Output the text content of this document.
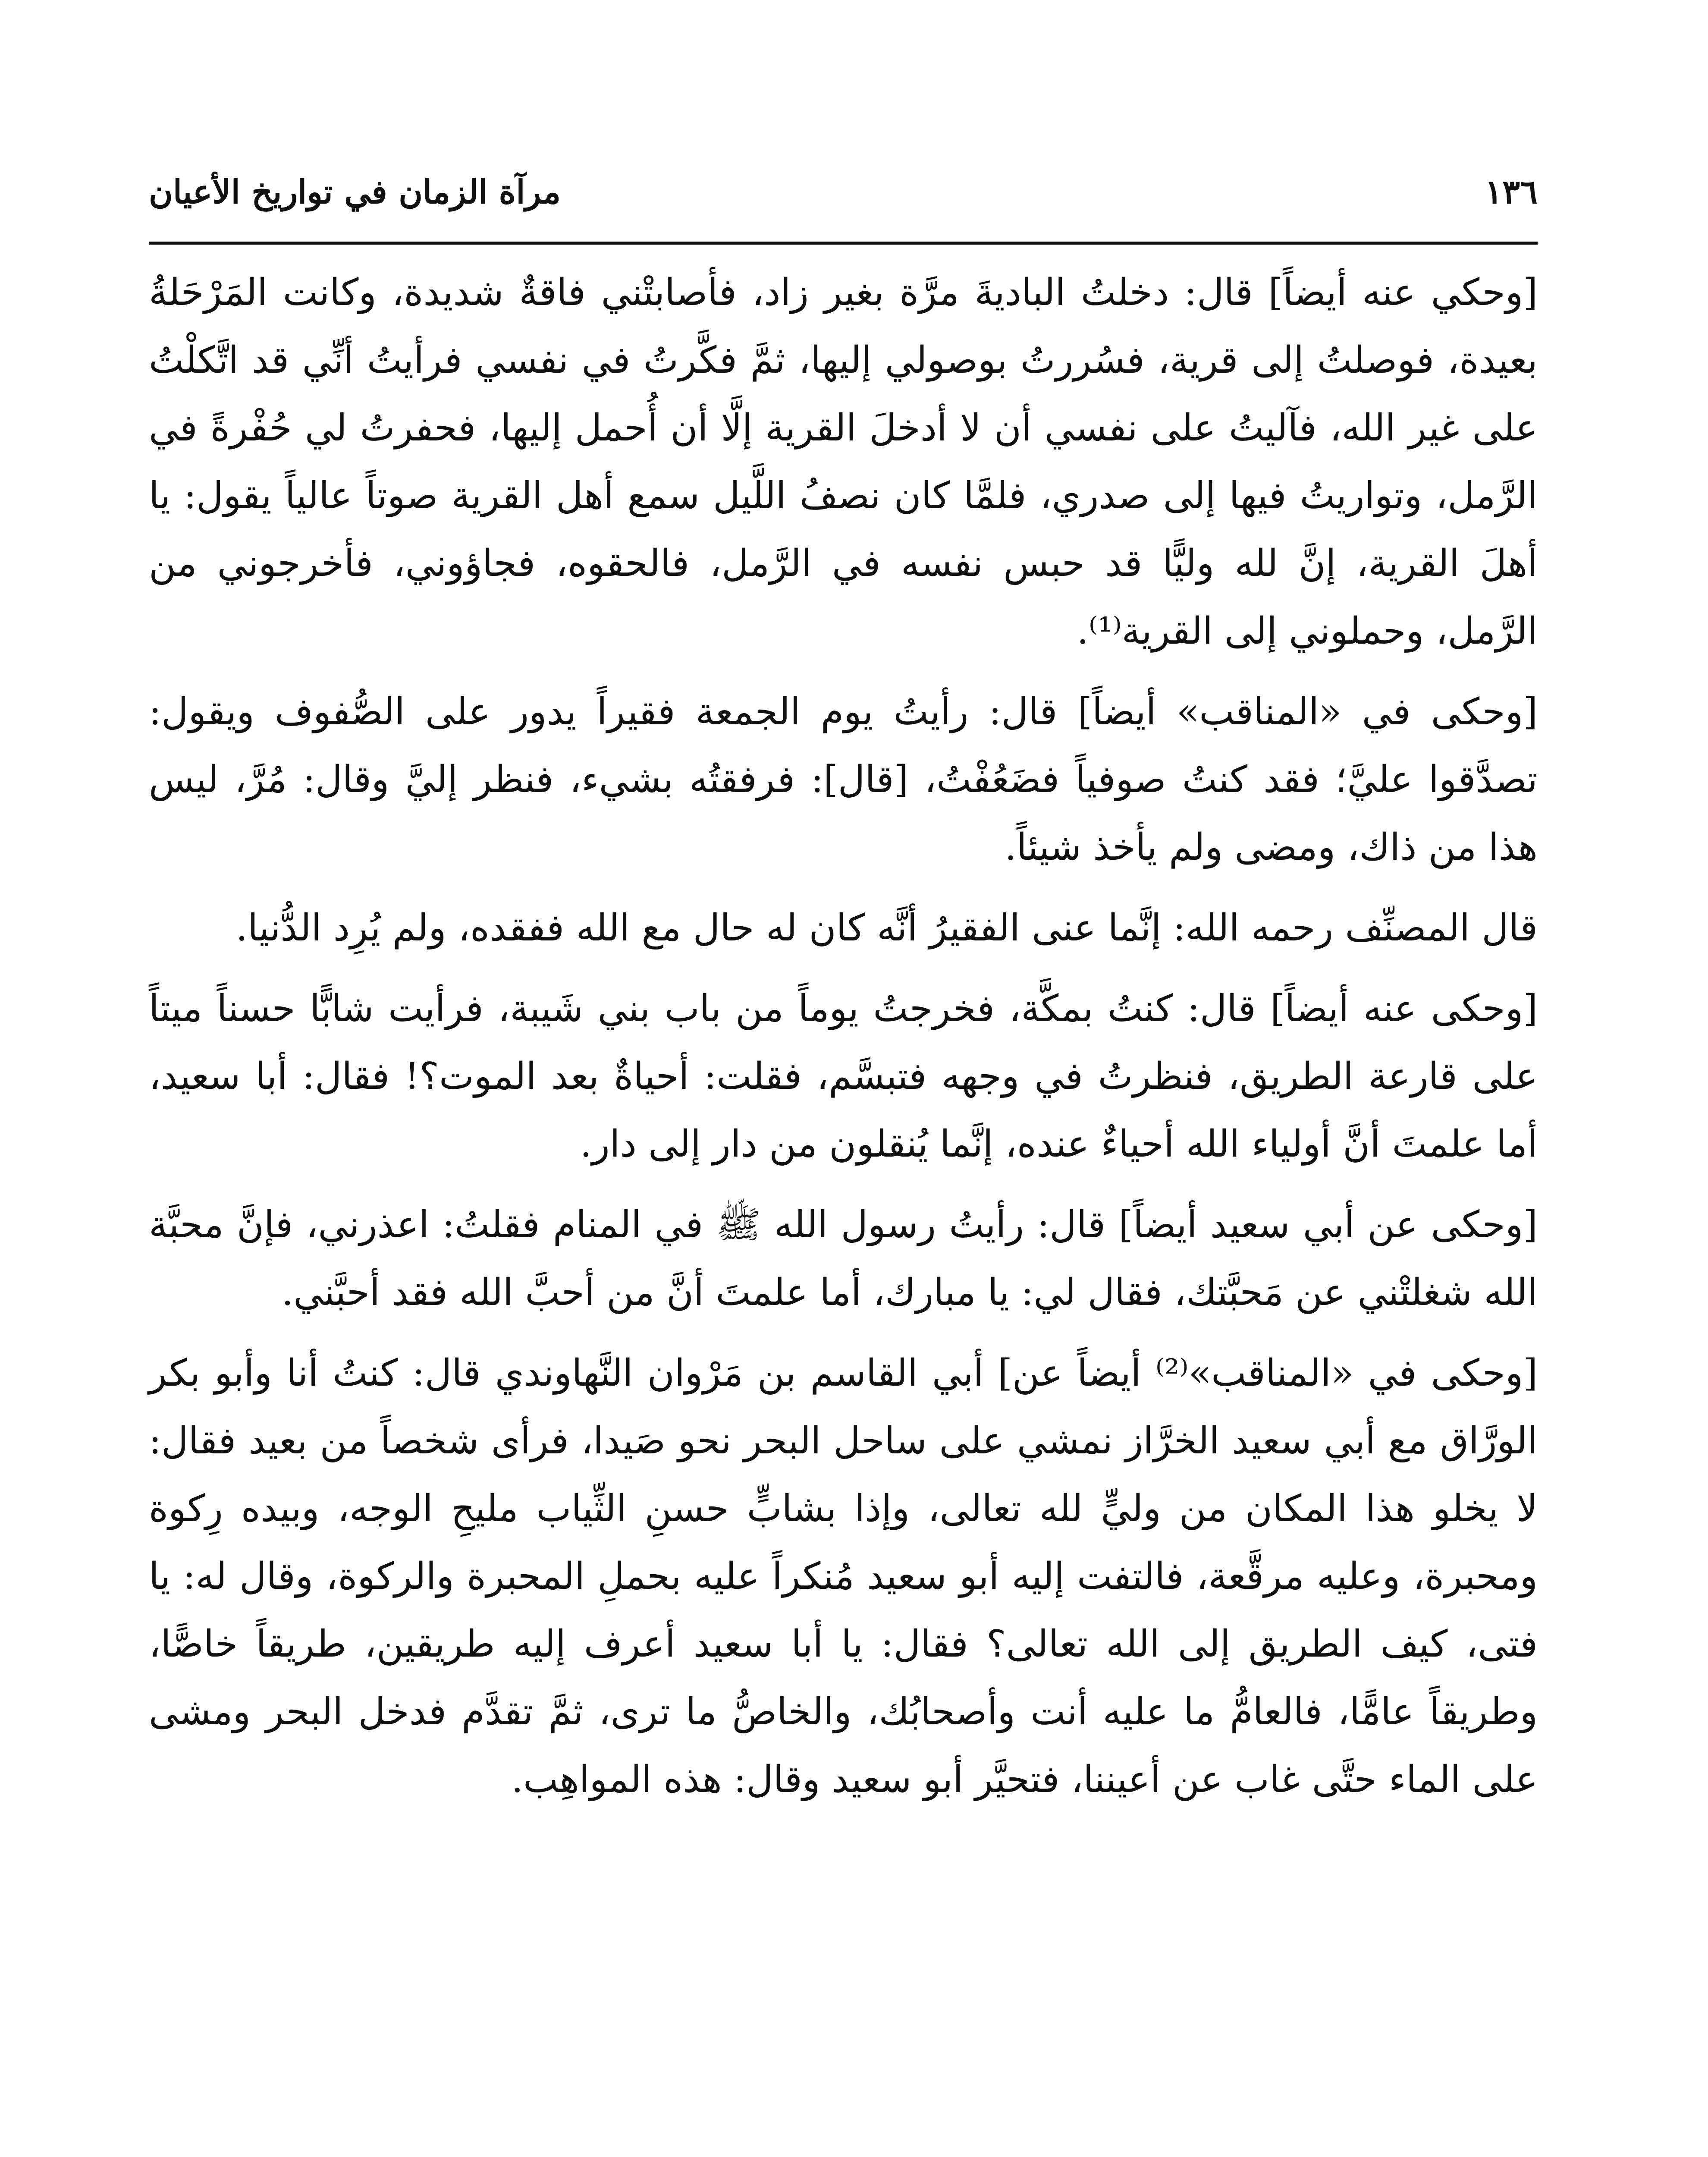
١٣٦
مرآة الزمان في تواريخ الأعيان

[وحكي عنه أيضاً] قال: دخلتُ الباديةَ مرَّة بغير زاد، فأصابتْني فاقةٌ شديدة، وكانت المَرْحَلةُ بعيدة، فوصلتُ إلى قرية، فسُررتُ بوصولي إليها، ثمَّ فكَّرتُ في نفسي فرأيتُ أنِّي قد اتَّكلْتُ على غير الله، فآليتُ على نفسي أن لا أدخلَ القرية إلَّا أن أُحمل إليها، فحفرتُ لي حُفْرةً في الرَّمل، وتواريتُ فيها إلى صدري، فلمَّا كان نصفُ اللَّيل سمع أهل القرية صوتاً عالياً يقول: يا أهلَ القرية، إنَّ لله وليًّا قد حبس نفسه في الرَّمل، فالحقوه، فجاؤوني، فأخرجوني من الرَّمل، وحملوني إلى القرية⁽¹⁾.

[وحكى في «المناقب» أيضاً] قال: رأيتُ يوم الجمعة فقيراً يدور على الصُّفوف ويقول: تصدَّقوا عليَّ؛ فقد كنتُ صوفياً فضَعُفْتُ، [قال]: فرفقتُه بشيء، فنظر إليَّ وقال: مُرَّ، ليس هذا من ذاك، ومضى ولم يأخذ شيئاً.

قال المصنِّف رحمه الله: إنَّما عنى الفقيرُ أنَّه كان له حال مع الله ففقده، ولم يُرِد الدُّنيا.

[وحكى عنه أيضاً] قال: كنتُ بمكَّة، فخرجتُ يوماً من باب بني شَيبة، فرأيت شابًّا حسناً ميتاً على قارعة الطريق، فنظرتُ في وجهه فتبسَّم، فقلت: أحياةٌ بعد الموت؟! فقال: أبا سعيد، أما علمتَ أنَّ أولياء الله أحياءٌ عنده، إنَّما يُنقلون من دار إلى دار.

[وحكى عن أبي سعيد أيضاً] قال: رأيتُ رسول الله ﷺ في المنام فقلتُ: اعذرني، فإنَّ محبَّة الله شغلتْني عن مَحبَّتك، فقال لي: يا مبارك، أما علمتَ أنَّ من أحبَّ الله فقد أحبَّني.

[وحكى في «المناقب»⁽²⁾ أيضاً عن] أبي القاسم بن مَرْوان النَّهاوندي قال: كنتُ أنا وأبو بكر الورَّاق مع أبي سعيد الخرَّاز نمشي على ساحل البحر نحو صَيدا، فرأى شخصاً من بعيد فقال: لا يخلو هذا المكان من وليٍّ لله تعالى، وإذا بشابٍّ حسنِ الثِّياب مليحِ الوجه، وبيده رِكوة ومحبرة، وعليه مرقَّعة، فالتفت إليه أبو سعيد مُنكراً عليه بحملِ المحبرة والركوة، وقال له: يا فتى، كيف الطريق إلى الله تعالى؟ فقال: يا أبا سعيد أعرف إليه طريقين، طريقاً خاصًّا، وطريقاً عامًّا، فالعامُّ ما عليه أنت وأصحابُك، والخاصُّ ما ترى، ثمَّ تقدَّم فدخل البحر ومشى على الماء حتَّى غاب عن أعيننا، فتحيَّر أبو سعيد وقال: هذه المواهِب.
